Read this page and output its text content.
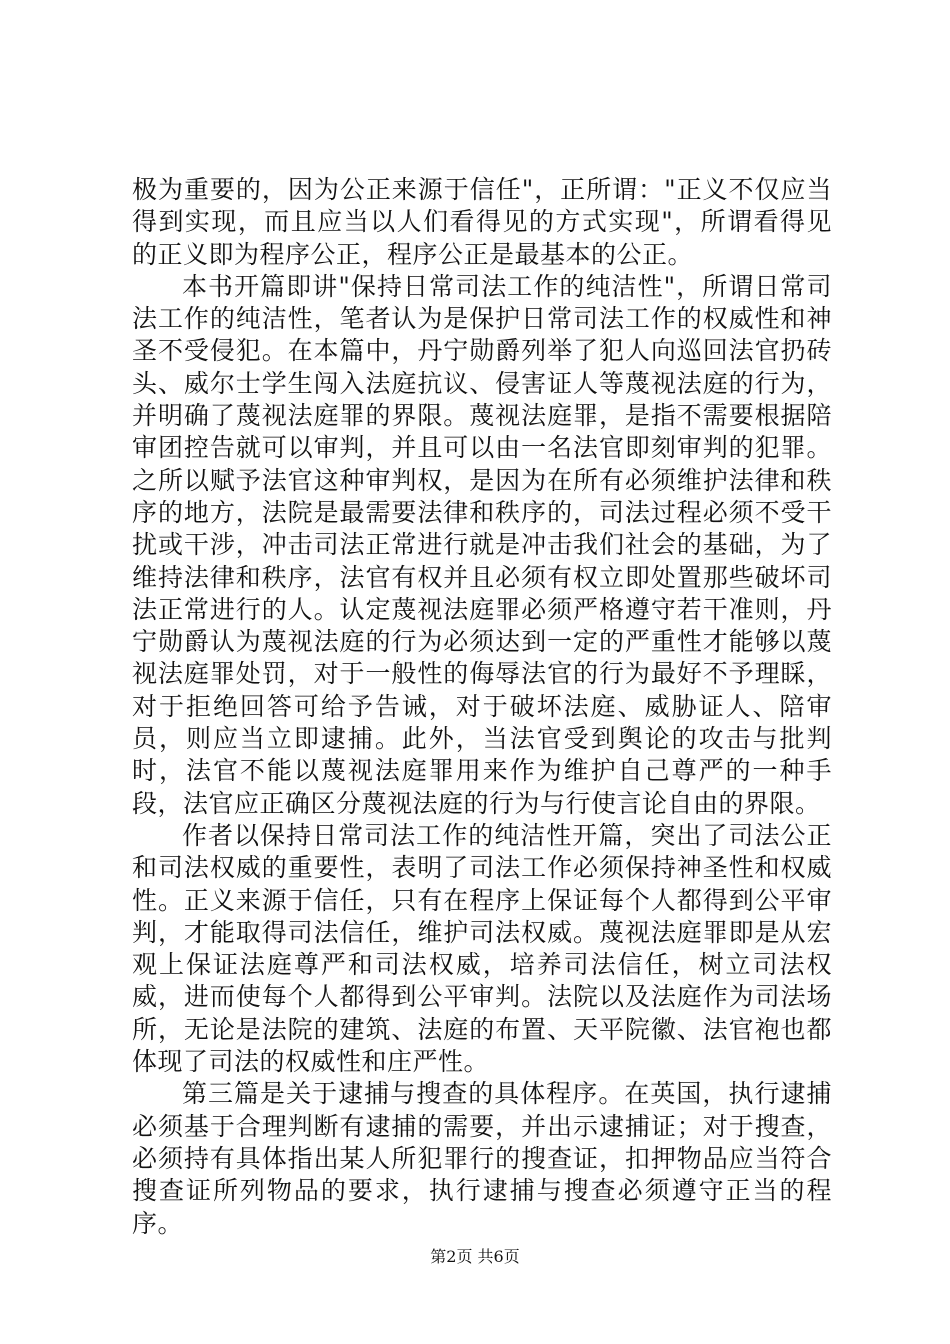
极为重要的，因为公正来源于信任"，正所谓："正义不仅应当得到实现，而且应当以人们看得见的方式实现"，所谓看得见的正义即为程序公正，程序公正是最基本的公正。

本书开篇即讲"保持日常司法工作的纯洁性"，所谓日常司法工作的纯洁性，笔者认为是保护日常司法工作的权威性和神圣不受侵犯。在本篇中，丹宁勋爵列举了犯人向巡回法官扔砖头、威尔士学生闯入法庭抗议、侵害证人等蔑视法庭的行为，并明确了蔑视法庭罪的界限。蔑视法庭罪，是指不需要根据陪审团控告就可以审判，并且可以由一名法官即刻审判的犯罪。之所以赋予法官这种审判权，是因为在所有必须维护法律和秩序的地方，法院是最需要法律和秩序的，司法过程必须不受干扰或干涉，冲击司法正常进行就是冲击我们社会的基础，为了维持法律和秩序，法官有权并且必须有权立即处置那些破坏司法正常进行的人。认定蔑视法庭罪必须严格遵守若干准则，丹宁勋爵认为蔑视法庭的行为必须达到一定的严重性才能够以蔑视法庭罪处罚，对于一般性的侮辱法官的行为最好不予理睬，对于拒绝回答可给予告诫，对于破坏法庭、威胁证人、陪审员，则应当立即逮捕。此外，当法官受到舆论的攻击与批判时，法官不能以蔑视法庭罪用来作为维护自己尊严的一种手段，法官应正确区分蔑视法庭的行为与行使言论自由的界限。

作者以保持日常司法工作的纯洁性开篇，突出了司法公正和司法权威的重要性，表明了司法工作必须保持神圣性和权威性。正义来源于信任，只有在程序上保证每个人都得到公平审判，才能取得司法信任，维护司法权威。蔑视法庭罪即是从宏观上保证法庭尊严和司法权威，培养司法信任，树立司法权威，进而使每个人都得到公平审判。法院以及法庭作为司法场所，无论是法院的建筑、法庭的布置、天平院徽、法官袍也都体现了司法的权威性和庄严性。

第三篇是关于逮捕与搜查的具体程序。在英国，执行逮捕必须基于合理判断有逮捕的需要，并出示逮捕证；对于搜查，必须持有具体指出某人所犯罪行的搜查证，扣押物品应当符合搜查证所列物品的要求，执行逮捕与搜查必须遵守正当的程序。

第2页 共6页
